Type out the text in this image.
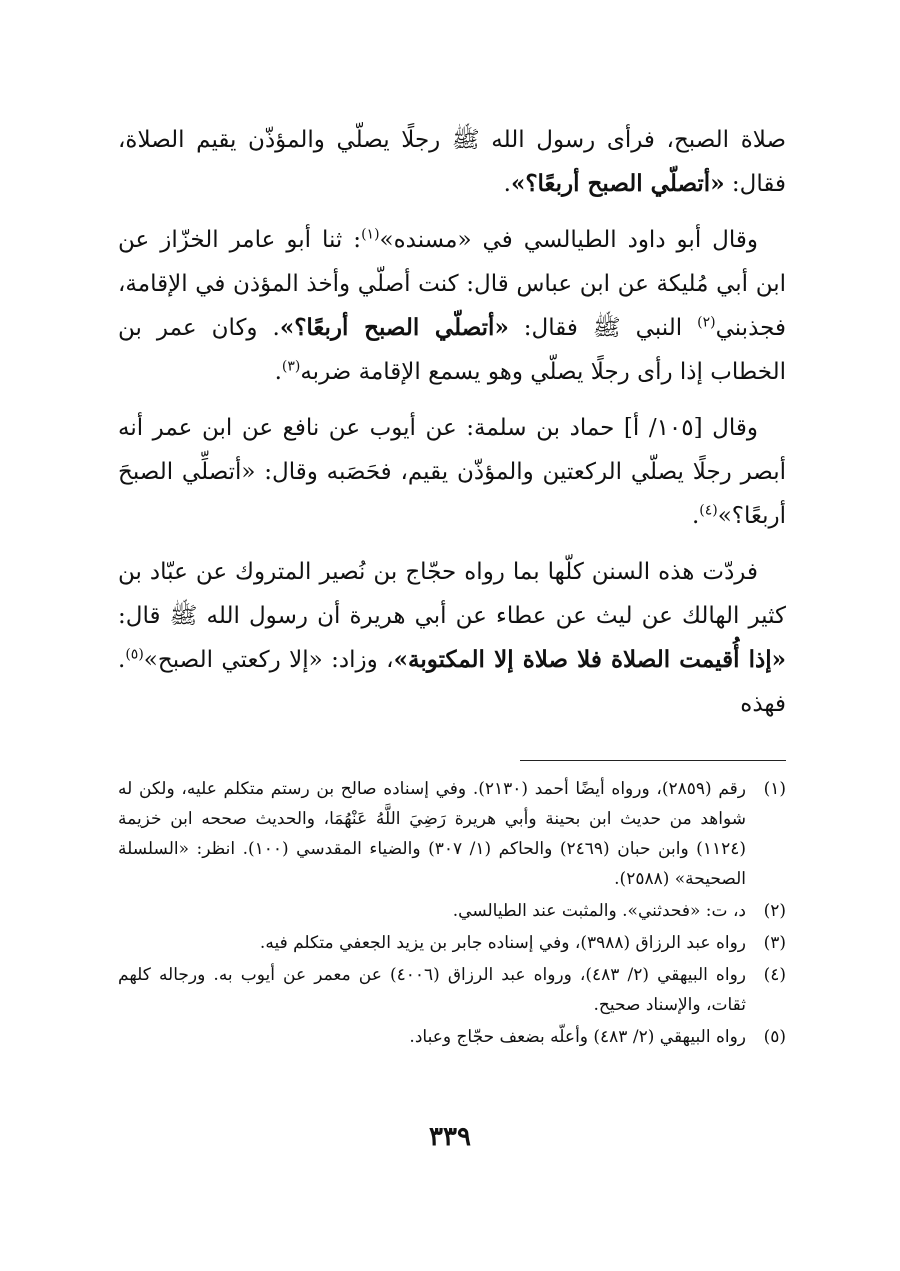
صلاة الصبح، فرأى رسول الله ﷺ رجلًا يصلّي والمؤذّن يقيم الصلاة، فقال: «أتصلّي الصبح أربعًا؟».

وقال أبو داود الطيالسي في «مسنده»$^{(١)}$: ثنا أبو عامر الخزّاز عن ابن أبي مُليكة عن ابن عباس قال: كنت أصلّي وأخذ المؤذن في الإقامة، فجذبني$^{(٢)}$ النبي ﷺ فقال: «أتصلّي الصبح أربعًا؟». وكان عمر بن الخطاب إذا رأى رجلًا يصلّي وهو يسمع الإقامة ضربه$^{(٣)}$.

وقال [١٠٥/ أ] حماد بن سلمة: عن أيوب عن نافع عن ابن عمر أنه أبصر رجلًا يصلّي الركعتين والمؤذّن يقيم، فحَصَبه وقال: «أتصلِّي الصبحَ أربعًا؟»$^{(٤)}$.

فردّت هذه السنن كلّها بما رواه حجّاج بن نُصير المتروك عن عبّاد بن كثير الهالك عن ليث عن عطاء عن أبي هريرة أن رسول الله ﷺ قال: «إذا أُقيمت الصلاة فلا صلاة إلا المكتوبة»، وزاد: «إلا ركعتي الصبح»$^{(٥)}$. فهذه

(١)
رقم (٢٨٥٩)، ورواه أيضًا أحمد (٢١٣٠). وفي إسناده صالح بن رستم متكلم عليه، ولكن له شواهد من حديث ابن بحينة وأبي هريرة رَضِيَ اللَّهُ عَنْهُمَا، والحديث صححه ابن خزيمة (١١٢٤) وابن حبان (٢٤٦٩) والحاكم (١/ ٣٠٧) والضياء المقدسي (١٠٠). انظر: «السلسلة الصحيحة» (٢٥٨٨).
(٢)
د، ت: «فحدثني». والمثبت عند الطيالسي.
(٣)
رواه عبد الرزاق (٣٩٨٨)، وفي إسناده جابر بن يزيد الجعفي متكلم فيه.
(٤)
رواه البيهقي (٢/ ٤٨٣)، ورواه عبد الرزاق (٤٠٠٦) عن معمر عن أيوب به. ورجاله كلهم ثقات، والإسناد صحيح.
(٥)
رواه البيهقي (٢/ ٤٨٣) وأعلّه بضعف حجّاج وعباد.
٣٣٩
